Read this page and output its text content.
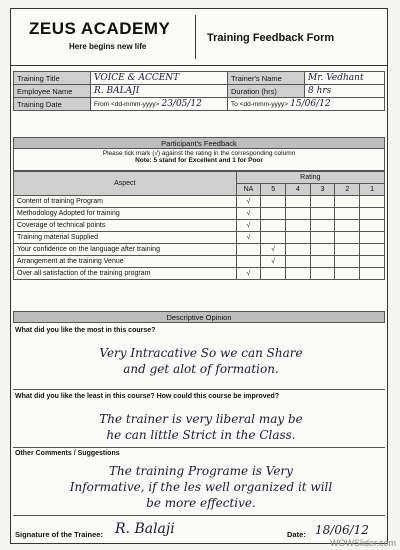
ZEUS ACADEMY
Here begins new life
Training Feedback Form
Training Title	VOICE & ACCENT	Trainer's Name	Mr. Vedhant
Employee Name	R. BALAJI	Duration (hrs)	8 hrs
Training Date	From <dd-mmm-yyyy> 23/05/12	To <dd-mmm-yyyy> 15/06/12	
Participant's Feedback
Please tick mark (√) against the rating in the corresponding column
Note: 5 stand for Excellent and 1 for Poor
Aspect	Rating					
	NA	5	4	3	2	1
Content of training Program	√					
Methodology Adopted for training	√					
Coverage of technical points	√					
Training material Supplied	√					
Your confidence on the language after training		√				
Arrangement at the training Venue		√				
Over all satisfaction of the training program	√					
Descriptive Opinion
What did you like the most in this course?
Very Intracative So we can Share
and get alot of formation.
What did you like the least in this course? How could this course be improved?
The trainer is very liberal may be
he can little Strict in the Class.
Other Comments / Suggestions
The training Programe is Very
Informative, if the les well organized it will
be more effective.
Signature of the Trainee: R. Balaji	Date: 18/06/12
WOWSlider.com
